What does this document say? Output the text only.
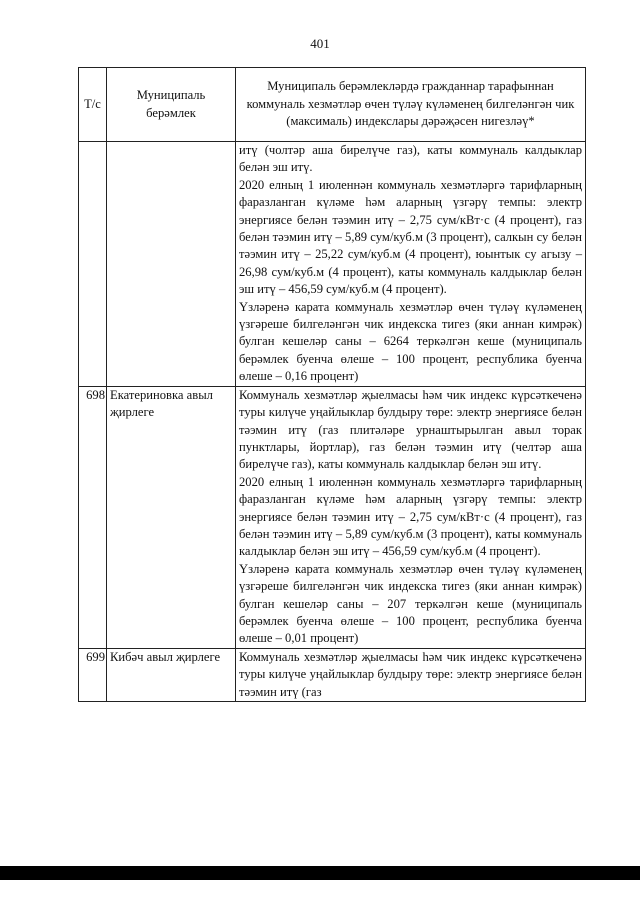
401
Т/с	Муниципаль берәмлек	Муниципаль берәмлекләрдә гражданнар тарафыннан коммуналь хезмәтләр өчен түләү күләменең билгеләнгән чик (максималь) индекслары дәрәҗәсен нигезләү*

		итү (чолтәр аша бирелүче газ), каты коммуналь калдыклар белән эш итү.

2020 елның 1 июленнән коммуналь хезмәтләргә тарифларның фаразланган күләме һәм аларның үзгәрү темпы: электр энергиясе белән тәэмин итү – 2,75 сум/кВт·с (4 процент), газ белән тәэмин итү – 5,89 сум/куб.м (3 процент), салкын су белән тәэмин итү – 25,22 сум/куб.м (4 процент), юынтык су агызу – 26,98 сум/куб.м (4 процент), каты коммуналь калдыклар белән эш итү – 456,59 сум/куб.м (4 процент).

Үзләренә карата коммуналь хезмәтләр өчен түләү күләменең үзгәреше билгеләнгән чик индекска тигез (яки аннан кимрәк) булган кешеләр саны – 6264 теркәлгән кеше (муниципаль берәмлек буенча өлеше – 100 процент, республика буенча өлеше – 0,16 процент)

698	Екатериновка авыл җирлеге	Коммуналь хезмәтләр җыелмасы һәм чик индекс күрсәткеченә туры килүче уңайлыклар булдыру төре: электр энергиясе белән тәэмин итү (газ плитәләре урнаштырылган авыл торак пунктлары, йортлар), газ белән тәэмин итү (челтәр аша бирелүче газ), каты коммуналь калдыклар белән эш итү.

2020 елның 1 июленнән коммуналь хезмәтләргә тарифларның фаразланган күләме һәм аларның үзгәрү темпы: электр энергиясе белән тәэмин итү – 2,75 сум/кВт·с (4 процент), газ белән тәэмин итү – 5,89 сум/куб.м (3 процент), каты коммуналь калдыклар белән эш итү – 456,59 сум/куб.м (4 процент).

Үзләренә карата коммуналь хезмәтләр өчен түләү күләменең үзгәреше билгеләнгән чик индекска тигез (яки аннан кимрәк) булган кешеләр саны – 207 теркәлгән кеше (муниципаль берәмлек буенча өлеше – 100 процент, республика буенча өлеше – 0,01 процент)

699	Кибәч авыл җирлеге	Коммуналь хезмәтләр җыелмасы һәм чик индекс күрсәткеченә туры килүче уңайлыклар булдыру төре: электр энергиясе белән тәэмин итү (газ
